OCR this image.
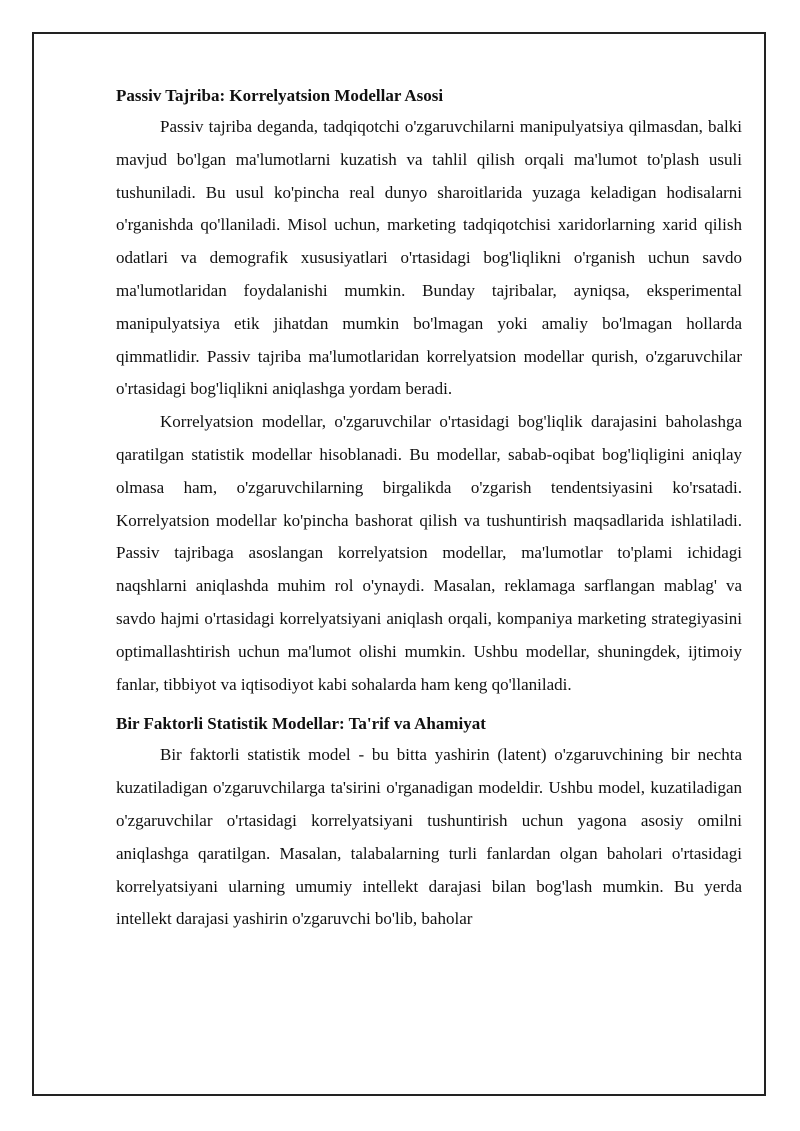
Passiv Tajriba: Korrelyatsion Modellar Asosi

Passiv tajriba deganda, tadqiqotchi o'zgaruvchilarni manipulyatsiya qilmasdan, balki mavjud bo'lgan ma'lumotlarni kuzatish va tahlil qilish orqali ma'lumot to'plash usuli tushuniladi. Bu usul ko'pincha real dunyo sharoitlarida yuzaga keladigan hodisalarni o'rganishda qo'llaniladi. Misol uchun, marketing tadqiqotchisi xaridorlarning xarid qilish odatlari va demografik xususiyatlari o'rtasidagi bog'liqlikni o'rganish uchun savdo ma'lumotlaridan foydalanishi mumkin. Bunday tajribalar, ayniqsa, eksperimental manipulyatsiya etik jihatdan mumkin bo'lmagan yoki amaliy bo'lmagan hollarda qimmatlidir. Passiv tajriba ma'lumotlaridan korrelyatsion modellar qurish, o'zgaruvchilar o'rtasidagi bog'liqlikni aniqlashga yordam beradi.

Korrelyatsion modellar, o'zgaruvchilar o'rtasidagi bog'liqlik darajasini baholashga qaratilgan statistik modellar hisoblanadi. Bu modellar, sabab-oqibat bog'liqligini aniqlay olmasa ham, o'zgaruvchilarning birgalikda o'zgarish tendentsiyasini ko'rsatadi. Korrelyatsion modellar ko'pincha bashorat qilish va tushuntirish maqsadlarida ishlatiladi. Passiv tajribaga asoslangan korrelyatsion modellar, ma'lumotlar to'plami ichidagi naqshlarni aniqlashda muhim rol o'ynaydi. Masalan, reklamaga sarflangan mablag' va savdo hajmi o'rtasidagi korrelyatsiyani aniqlash orqali, kompaniya marketing strategiyasini optimallashtirish uchun ma'lumot olishi mumkin. Ushbu modellar, shuningdek, ijtimoiy fanlar, tibbiyot va iqtisodiyot kabi sohalarda ham keng qo'llaniladi.

Bir Faktorli Statistik Modellar: Ta'rif va Ahamiyat

Bir faktorli statistik model - bu bitta yashirin (latent) o'zgaruvchining bir nechta kuzatiladigan o'zgaruvchilarga ta'sirini o'rganadigan modeldir. Ushbu model, kuzatiladigan o'zgaruvchilar o'rtasidagi korrelyatsiyani tushuntirish uchun yagona asosiy omilni aniqlashga qaratilgan. Masalan, talabalarning turli fanlardan olgan baholari o'rtasidagi korrelyatsiyani ularning umumiy intellekt darajasi bilan bog'lash mumkin. Bu yerda intellekt darajasi yashirin o'zgaruvchi bo'lib, baholar
